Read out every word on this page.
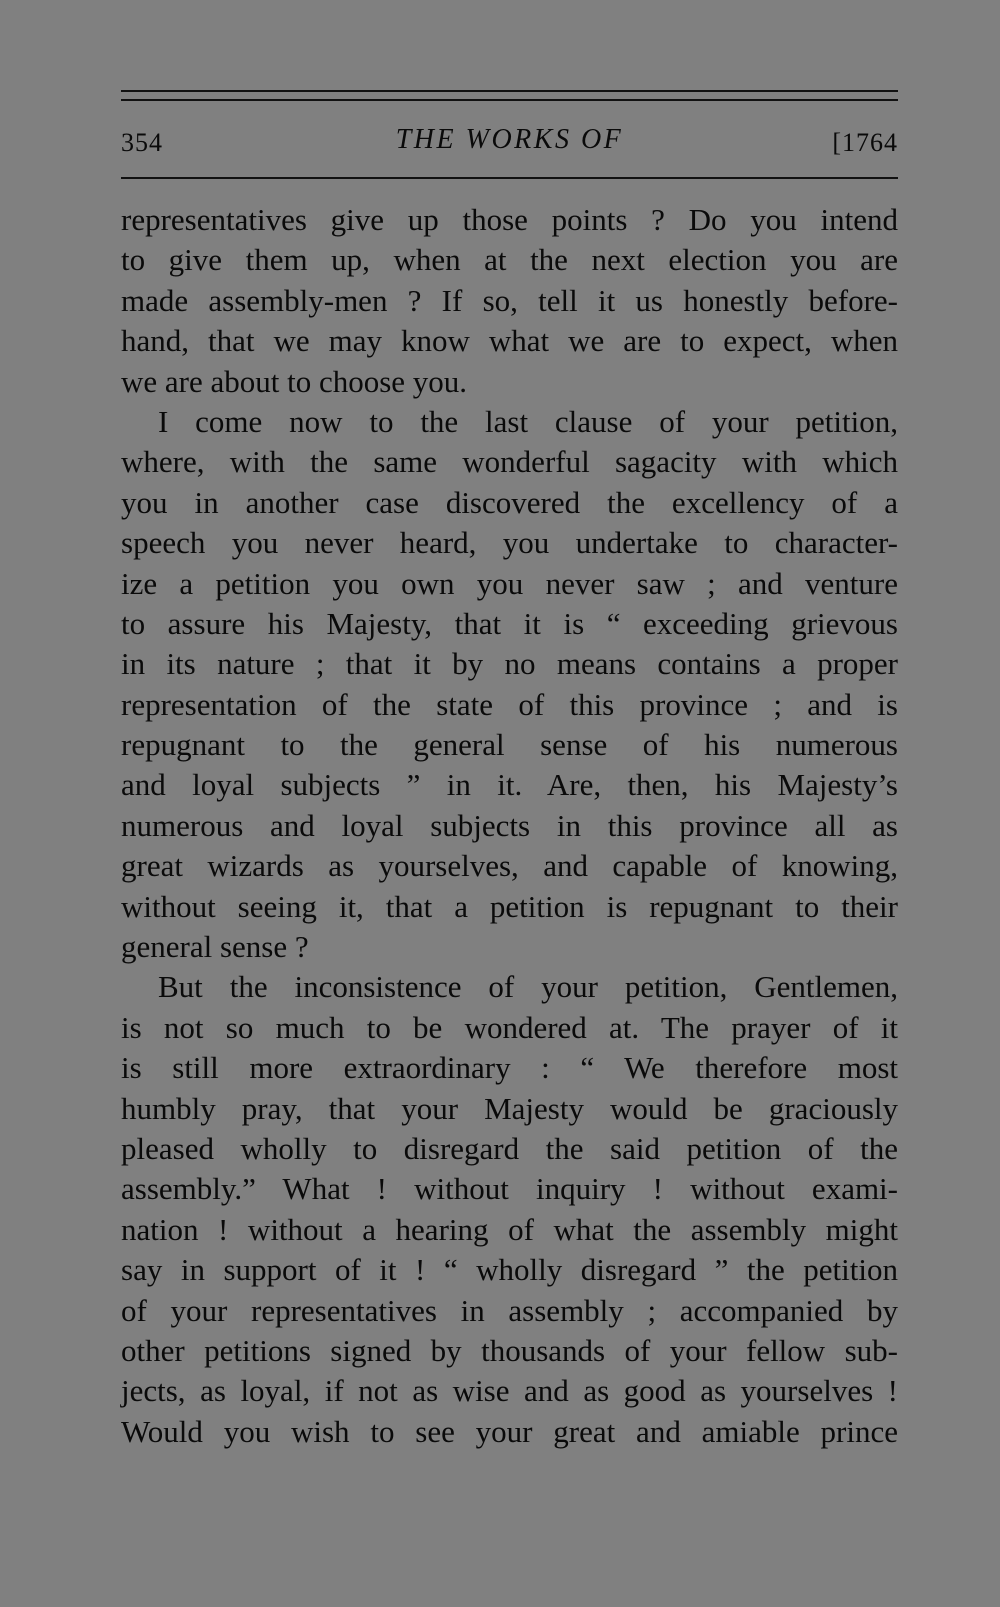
354	THE WORKS OF	[1764
representatives give up those points ? Do you intend
to give them up, when at the next election you are
made assembly-men ? If so, tell it us honestly before-
hand, that we may know what we are to expect, when
we are about to choose you.
I come now to the last clause of your petition,
where, with the same wonderful sagacity with which
you in another case discovered the excellency of a
speech you never heard, you undertake to character-
ize a petition you own you never saw ; and venture
to assure his Majesty, that it is “ exceeding grievous
in its nature ; that it by no means contains a proper
representation of the state of this province ; and is
repugnant to the general sense of his numerous
and loyal subjects ” in it. Are, then, his Majesty’s
numerous and loyal subjects in this province all as
great wizards as yourselves, and capable of knowing,
without seeing it, that a petition is repugnant to their
general sense ?
But the inconsistence of your petition, Gentlemen,
is not so much to be wondered at. The prayer of it
is still more extraordinary : “ We therefore most
humbly pray, that your Majesty would be graciously
pleased wholly to disregard the said petition of the
assembly.” What ! without inquiry ! without exami-
nation ! without a hearing of what the assembly might
say in support of it ! “ wholly disregard ” the petition
of your representatives in assembly ; accompanied by
other petitions signed by thousands of your fellow sub-
jects, as loyal, if not as wise and as good as yourselves !
Would you wish to see your great and amiable prince
